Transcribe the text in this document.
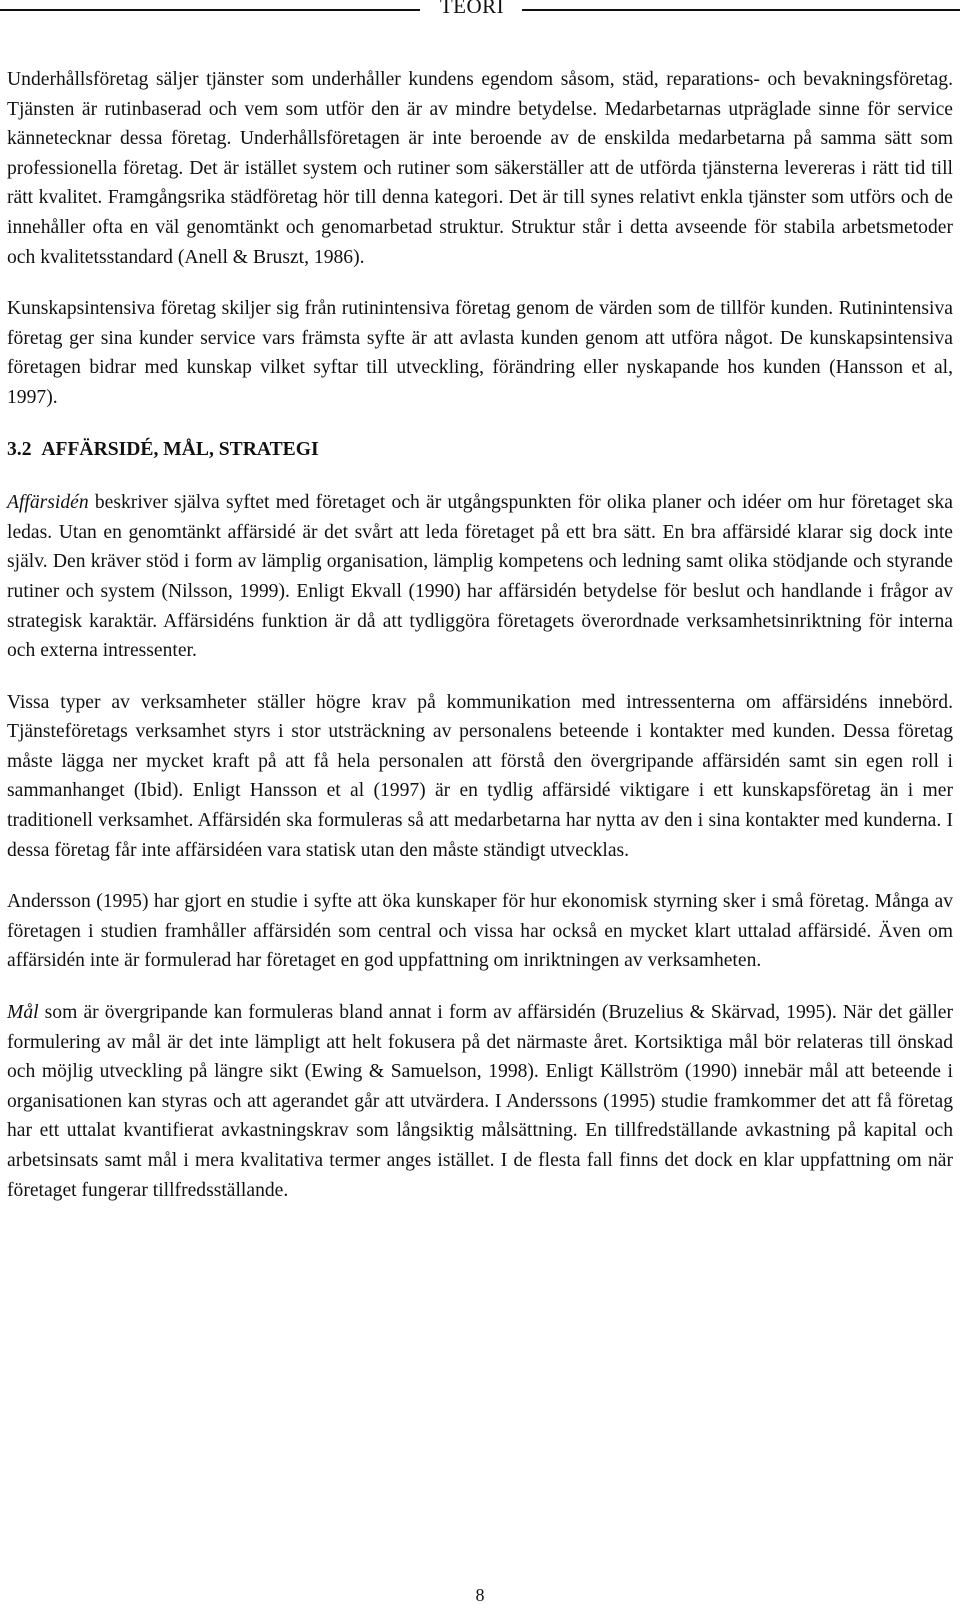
TEORI

Underhållsföretag säljer tjänster som underhåller kundens egendom såsom, städ, reparations- och bevakningsföretag. Tjänsten är rutinbaserad och vem som utför den är av mindre betydelse. Medarbetarnas utpräglade sinne för service kännetecknar dessa företag. Underhållsföretagen är inte beroende av de enskilda medarbetarna på samma sätt som professionella företag. Det är istället system och rutiner som säkerställer att de utförda tjänsterna levereras i rätt tid till rätt kvalitet. Framgångsrika städföretag hör till denna kategori. Det är till synes relativt enkla tjänster som utförs och de innehåller ofta en väl genomtänkt och genomarbetad struktur. Struktur står i detta avseende för stabila arbetsmetoder och kvalitetsstandard (Anell & Bruszt, 1986).

Kunskapsintensiva företag skiljer sig från rutinintensiva företag genom de värden som de tillför kunden. Rutinintensiva företag ger sina kunder service vars främsta syfte är att avlasta kunden genom att utföra något. De kunskapsintensiva företagen bidrar med kunskap vilket syftar till utveckling, förändring eller nyskapande hos kunden (Hansson et al, 1997).

3.2 AFFÄRSIDÉ, MÅL, STRATEGI

Affärsidén beskriver själva syftet med företaget och är utgångspunkten för olika planer och idéer om hur företaget ska ledas. Utan en genomtänkt affärsidé är det svårt att leda företaget på ett bra sätt. En bra affärsidé klarar sig dock inte själv. Den kräver stöd i form av lämplig organisation, lämplig kompetens och ledning samt olika stödjande och styrande rutiner och system (Nilsson, 1999). Enligt Ekvall (1990) har affärsidén betydelse för beslut och handlande i frågor av strategisk karaktär. Affärsidéns funktion är då att tydliggöra företagets överordnade verksamhetsinriktning för interna och externa intressenter.

Vissa typer av verksamheter ställer högre krav på kommunikation med intressenterna om affärsidéns innebörd. Tjänsteföretags verksamhet styrs i stor utsträckning av personalens beteende i kontakter med kunden. Dessa företag måste lägga ner mycket kraft på att få hela personalen att förstå den övergripande affärsidén samt sin egen roll i sammanhanget (Ibid). Enligt Hansson et al (1997) är en tydlig affärsidé viktigare i ett kunskapsföretag än i mer traditionell verksamhet. Affärsidén ska formuleras så att medarbetarna har nytta av den i sina kontakter med kunderna. I dessa företag får inte affärsidéen vara statisk utan den måste ständigt utvecklas.

Andersson (1995) har gjort en studie i syfte att öka kunskaper för hur ekonomisk styrning sker i små företag. Många av företagen i studien framhåller affärsidén som central och vissa har också en mycket klart uttalad affärsidé. Även om affärsidén inte är formulerad har företaget en god uppfattning om inriktningen av verksamheten.

Mål som är övergripande kan formuleras bland annat i form av affärsidén (Bruzelius & Skärvad, 1995). När det gäller formulering av mål är det inte lämpligt att helt fokusera på det närmaste året. Kortsiktiga mål bör relateras till önskad och möjlig utveckling på längre sikt (Ewing & Samuelson, 1998). Enligt Källström (1990) innebär mål att beteende i organisationen kan styras och att agerandet går att utvärdera. I Anderssons (1995) studie framkommer det att få företag har ett uttalat kvantifierat avkastningskrav som långsiktig målsättning. En tillfredställande avkastning på kapital och arbetsinsats samt mål i mera kvalitativa termer anges istället. I de flesta fall finns det dock en klar uppfattning om när företaget fungerar tillfredsställande.

8
